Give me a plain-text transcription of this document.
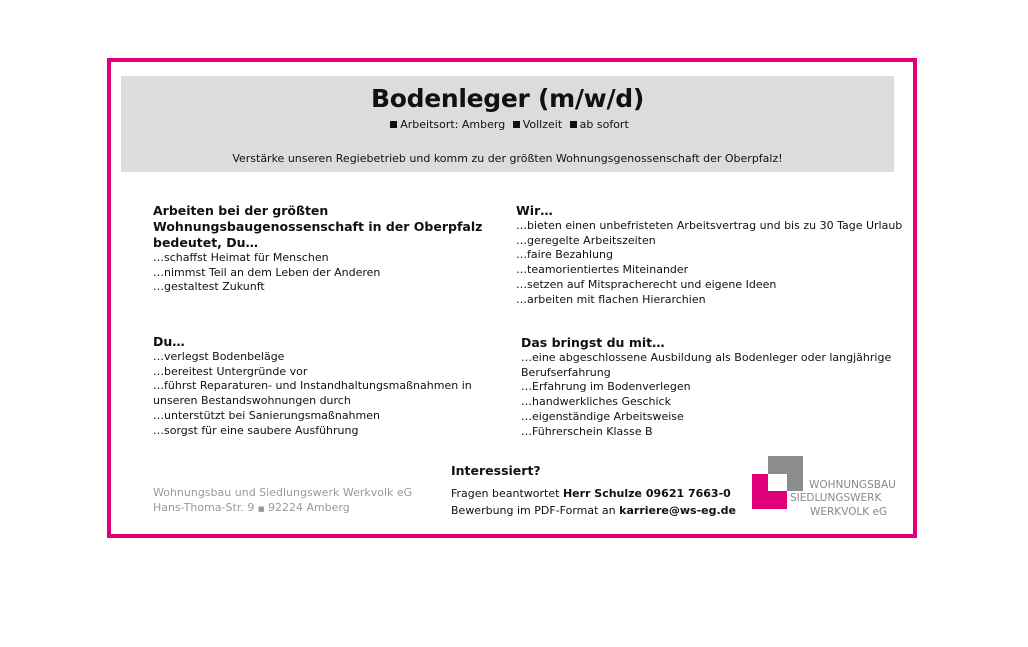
Bodenleger (m/w/d)
Arbeitsort: Amberg Vollzeit ab sofort
Verstärke unseren Regiebetrieb und komm zu der größten Wohnungsgenossenschaft der Oberpfalz!
Arbeiten bei der größten
Wohnungsbaugenossenschaft in der Oberpfalz
bedeutet, Du…
…schaffst Heimat für Menschen
…nimmst Teil an dem Leben der Anderen
…gestaltest Zukunft
Wir…
…bieten einen unbefristeten Arbeitsvertrag und bis zu 30 Tage Urlaub
…geregelte Arbeitszeiten
…faire Bezahlung
…teamorientiertes Miteinander
…setzen auf Mitspracherecht und eigene Ideen
…arbeiten mit flachen Hierarchien
Du…
…verlegst Bodenbeläge
…bereitest Untergründe vor
…führst Reparaturen- und Instandhaltungsmaßnahmen in unseren Bestandswohnungen durch
…unterstützt bei Sanierungsmaßnahmen
…sorgst für eine saubere Ausführung
Das bringst du mit…
…eine abgeschlossene Ausbildung als Bodenleger oder langjährige Berufserfahrung
…Erfahrung im Bodenverlegen
…handwerkliches Geschick
…eigenständige Arbeitsweise
…Führerschein Klasse B
Wohnungsbau und Siedlungswerk Werkvolk eG
Hans-Thoma-Str. 9 ■ 92224 Amberg
Interessiert?
Fragen beantwortet Herr Schulze 09621 7663-0
Bewerbung im PDF-Format an karriere@ws-eg.de
WOHNUNGSBAU
SIEDLUNGSWERK
WERKVOLK eG
